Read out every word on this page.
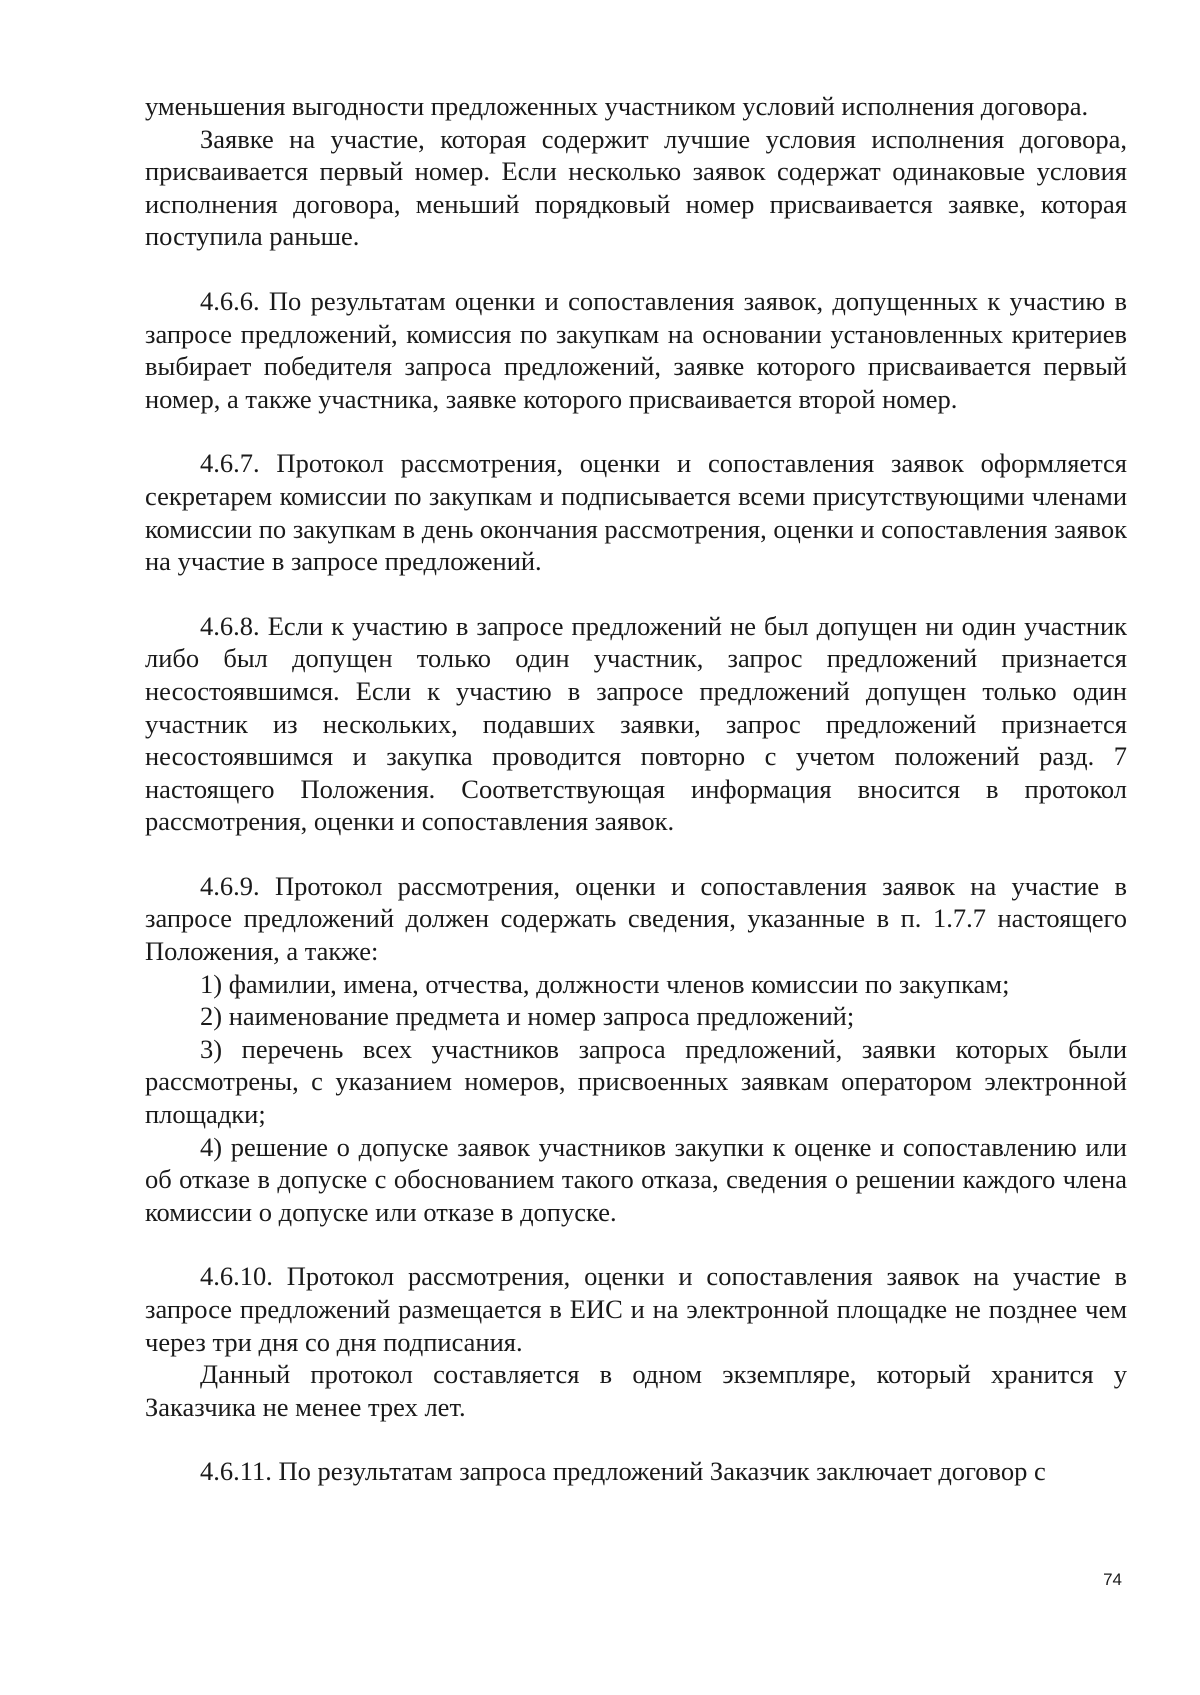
уменьшения выгодности предложенных участником условий исполнения договора.

Заявке на участие, которая содержит лучшие условия исполнения договора, присваивается первый номер. Если несколько заявок содержат одинаковые условия исполнения договора, меньший порядковый номер присваивается заявке, которая поступила раньше.

4.6.6. По результатам оценки и сопоставления заявок, допущенных к участию в запросе предложений, комиссия по закупкам на основании установленных критериев выбирает победителя запроса предложений, заявке которого присваивается первый номер, а также участника, заявке которого присваивается второй номер.

4.6.7. Протокол рассмотрения, оценки и сопоставления заявок оформляется секретарем комиссии по закупкам и подписывается всеми присутствующими членами комиссии по закупкам в день окончания рассмотрения, оценки и сопоставления заявок на участие в запросе предложений.

4.6.8. Если к участию в запросе предложений не был допущен ни один участник либо был допущен только один участник, запрос предложений признается несостоявшимся. Если к участию в запросе предложений допущен только один участник из нескольких, подавших заявки, запрос предложений признается несостоявшимся и закупка проводится повторно с учетом положений разд. 7 настоящего Положения. Соответствующая информация вносится в протокол рассмотрения, оценки и сопоставления заявок.

4.6.9. Протокол рассмотрения, оценки и сопоставления заявок на участие в запросе предложений должен содержать сведения, указанные в п. 1.7.7 настоящего Положения, а также:

1) фамилии, имена, отчества, должности членов комиссии по закупкам;

2) наименование предмета и номер запроса предложений;

3) перечень всех участников запроса предложений, заявки которых были рассмотрены, с указанием номеров, присвоенных заявкам оператором электронной площадки;

4) решение о допуске заявок участников закупки к оценке и сопоставлению или об отказе в допуске с обоснованием такого отказа, сведения о решении каждого члена комиссии о допуске или отказе в допуске.

4.6.10. Протокол рассмотрения, оценки и сопоставления заявок на участие в запросе предложений размещается в ЕИС и на электронной площадке не позднее чем через три дня со дня подписания.

Данный протокол составляется в одном экземпляре, который хранится у Заказчика не менее трех лет.

4.6.11. По результатам запроса предложений Заказчик заключает договор с

74
